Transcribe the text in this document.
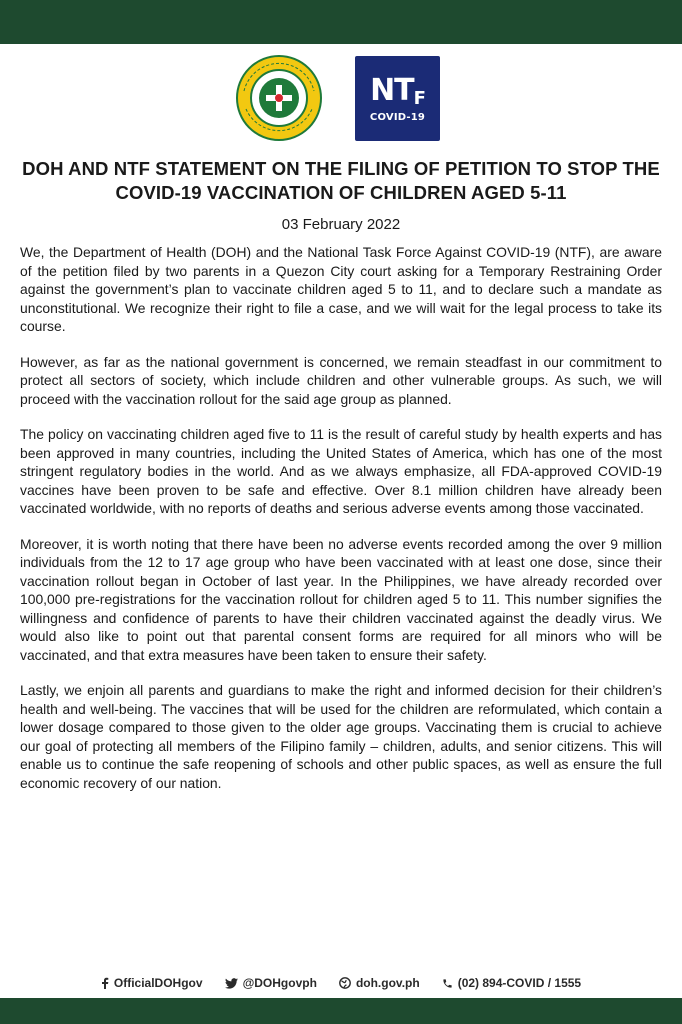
NTF
COVID-19
DOH AND NTF STATEMENT ON THE FILING OF PETITION TO STOP THE COVID-19 VACCINATION OF CHILDREN AGED 5-11
03 February 2022

We, the Department of Health (DOH) and the National Task Force Against COVID-19 (NTF), are aware of the petition filed by two parents in a Quezon City court asking for a Temporary Restraining Order against the government’s plan to vaccinate children aged 5 to 11, and to declare such a mandate as unconstitutional. We recognize their right to file a case, and we will wait for the legal process to take its course.

However, as far as the national government is concerned, we remain steadfast in our commitment to protect all sectors of society, which include children and other vulnerable groups. As such, we will proceed with the vaccination rollout for the said age group as planned.

The policy on vaccinating children aged five to 11 is the result of careful study by health experts and has been approved in many countries, including the United States of America, which has one of the most stringent regulatory bodies in the world. And as we always emphasize, all FDA-approved COVID-19 vaccines have been proven to be safe and effective. Over 8.1 million children have already been vaccinated worldwide, with no reports of deaths and serious adverse events among those vaccinated.

Moreover, it is worth noting that there have been no adverse events recorded among the over 9 million individuals from the 12 to 17 age group who have been vaccinated with at least one dose, since their vaccination rollout began in October of last year. In the Philippines, we have already recorded over 100,000 pre-registrations for the vaccination rollout for children aged 5 to 11. This number signifies the willingness and confidence of parents to have their children vaccinated against the deadly virus. We would also like to point out that parental consent forms are required for all minors who will be vaccinated, and that extra measures have been taken to ensure their safety.

Lastly, we enjoin all parents and guardians to make the right and informed decision for their children’s health and well-being. The vaccines that will be used for the children are reformulated, which contain a lower dosage compared to those given to the older age groups. Vaccinating them is crucial to achieve our goal of protecting all members of the Filipino family – children, adults, and senior citizens. This will enable us to continue the safe reopening of schools and other public spaces, as well as ensure the full economic recovery of our nation.

OfficialDOHgov	@DOHgovph	doh.gov.ph	(02) 894-COVID / 1555
